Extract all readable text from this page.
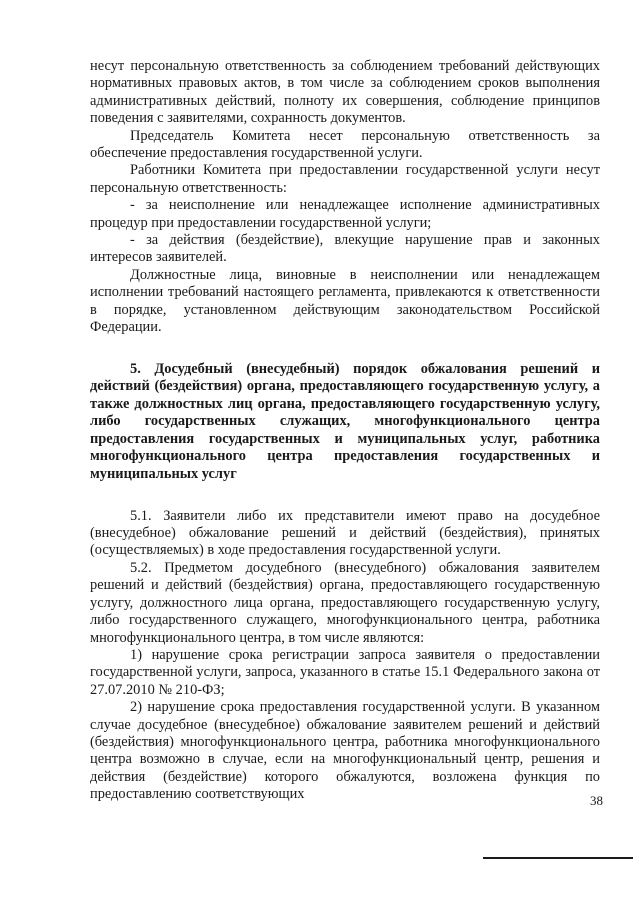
несут персональную ответственность за соблюдением требований действующих нормативных правовых актов, в том числе за соблюдением сроков выполнения административных действий, полноту их совершения, соблюдение принципов поведения с заявителями, сохранность документов.

Председатель Комитета несет персональную ответственность за обеспечение предоставления государственной услуги.

Работники Комитета при предоставлении государственной услуги несут персональную ответственность:

- за неисполнение или ненадлежащее исполнение административных процедур при предоставлении государственной услуги;

- за действия (бездействие), влекущие нарушение прав и законных интересов заявителей.

Должностные лица, виновные в неисполнении или ненадлежащем исполнении требований настоящего регламента, привлекаются к ответственности в порядке, установленном действующим законодательством Российской Федерации.

5. Досудебный (внесудебный) порядок обжалования решений и действий (бездействия) органа, предоставляющего государственную услугу, а также должностных лиц органа, предоставляющего государственную услугу, либо государственных служащих, многофункционального центра предоставления государственных и муниципальных услуг, работника многофункционального центра предоставления государственных и муниципальных услуг

5.1. Заявители либо их представители имеют право на досудебное (внесудебное) обжалование решений и действий (бездействия), принятых (осуществляемых) в ходе предоставления государственной услуги.

5.2. Предметом досудебного (внесудебного) обжалования заявителем решений и действий (бездействия) органа, предоставляющего государственную услугу, должностного лица органа, предоставляющего государственную услугу, либо государственного служащего, многофункционального центра, работника многофункционального центра, в том числе являются:

1) нарушение срока регистрации запроса заявителя о предоставлении государственной услуги, запроса, указанного в статье 15.1 Федерального закона от 27.07.2010 № 210-ФЗ;

2) нарушение срока предоставления государственной услуги. В указанном случае досудебное (внесудебное) обжалование заявителем решений и действий (бездействия) многофункционального центра, работника многофункционального центра возможно в случае, если на многофункциональный центр, решения и действия (бездействие) которого обжалуются, возложена функция по предоставлению соответствующих	38
